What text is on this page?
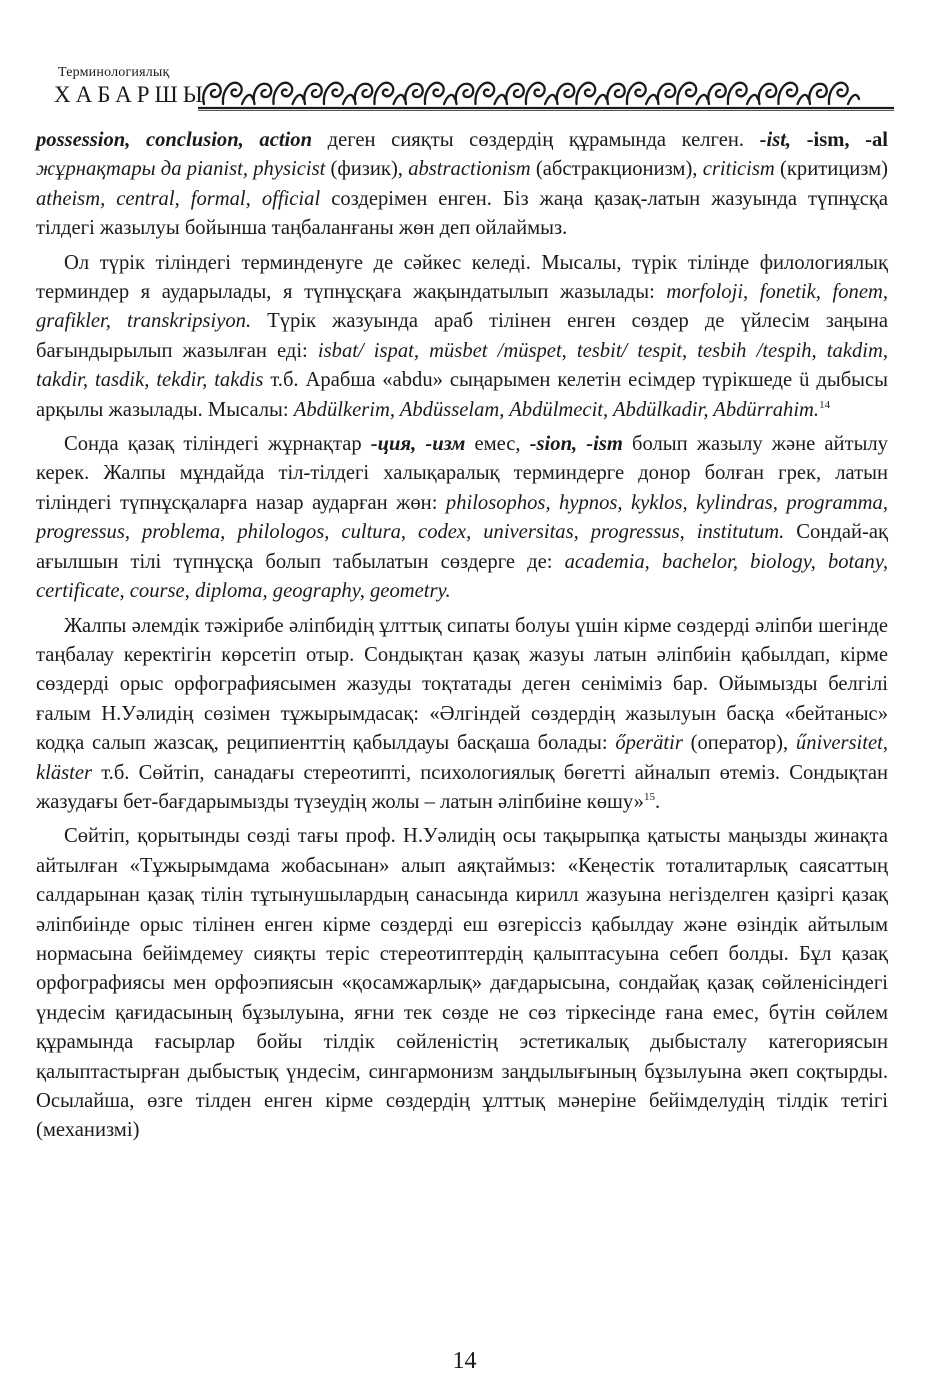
Терминологиялық
ХАБАРШЫ

possession, conclusion, action деген сияқты сөздердің құрамында келген. -ist, -ism, -al жұрнақтары да pianist, physicist (физик), abstractionism (абстракционизм), criticism (критицизм) atheism, central, formal, official создерімен енген. Біз жаңа қазақ-латын жазуында түпнұсқа тілдегі жазылуы бойынша таңбаланғаны жөн деп ойлаймыз.

Ол түрік тіліндегі терминденуге де сәйкес келеді. Мысалы, түрік тілінде филологиялық терминдер я аударылады, я түпнұсқаға жақындатылып жазылады: morfoloji, fonetik, fonem, grafikler, transkripsiyon. Түрік жазуында араб тілінен енген сөздер де үйлесім заңына бағындырылып жазылған еді: isbat/ ispat, müsbet /müspet, tesbit/ tespit, tesbih /tespih, takdim, takdir, tasdik, tekdir, takdis т.б. Арабша «abdu» сыңарымен келетін есімдер түрікшеде ü дыбысы арқылы жазылады. Мысалы: Abdülkerim, Abdüsselam, Abdülmecit, Abdülkadir, Abdürrahim.$^{14}$

Сонда қазақ тіліндегі жұрнақтар -ция, -изм емес, -sion, -ism болып жазылу және айтылу керек. Жалпы мұндайда тіл-тілдегі халықаралық терминдерге донор болған грек, латын тіліндегі түпнұсқаларға назар аударған жөн: philosophos, hypnos, kyklos, kylindras, programma, progressus, problema, philologos, cultura, codex, universitas, progressus, institutum. Сондай-ақ ағылшын тілі түпнұсқа болып табылатын сөздерге де: academia, bachelor, biology, botany, certificate, course, diploma, geography, geometry.

Жалпы әлемдік тәжірибе әліпбидің ұлттық сипаты болуы үшін кірме сөздерді әліпби шегінде таңбалау керектігін көрсетіп отыр. Сондықтан қазақ жазуы латын әліпбиін қабылдап, кірме сөздерді орыс орфографиясымен жазуды тоқтатады деген сеніміміз бар. Ойымызды белгілі ғалым Н.Уәлидің сөзімен тұжырымдасақ: «Әлгіндей сөздердің жазылуын басқа «бейтаныс» кодқа салып жазсақ, реципиенттің қабылдауы басқаша болады: őperätir (оператор), űniversitet, kläster т.б. Сөйтіп, санадағы стереотипті, психологиялық бөгетті айналып өтеміз. Сондықтан жазудағы бет-бағдарымызды түзеудің жолы – латын әліпбиіне көшу»$^{15}$.

Сөйтіп, қорытынды сөзді тағы проф. Н.Уәлидің осы тақырыпқа қатысты маңызды жинақта айтылған «Тұжырымдама жобасынан» алып аяқтаймыз: «Кеңестік тоталитарлық саясаттың салдарынан қазақ тілін тұтынушылардың санасында кирилл жазуына негізделген қазіргі қазақ әліпбиінде орыс тілінен енген кірме сөздерді еш өзгеріссіз қабылдау және өзіндік айтылым нормасына бейімдемеу сияқты теріс стереотиптердің қалыптасуына себеп болды. Бұл қазақ орфографиясы мен орфоэпиясын «қосамжарлық» дағдарысына, сондайақ қазақ сөйленісіндегі үндесім қағидасының бұзылуына, яғни тек сөзде не сөз тіркесінде ғана емес, бүтін сөйлем құрамында ғасырлар бойы тілдік сөйленістің эстетикалық дыбысталу категориясын қалыптастырған дыбыстық үндесім, сингармонизм заңдылығының бұзылуына әкеп соқтырды. Осылайша, өзге тілден енген кірме сөздердің ұлттық мәнеріне бейімделудің тілдік тетігі (механизмі)

14
